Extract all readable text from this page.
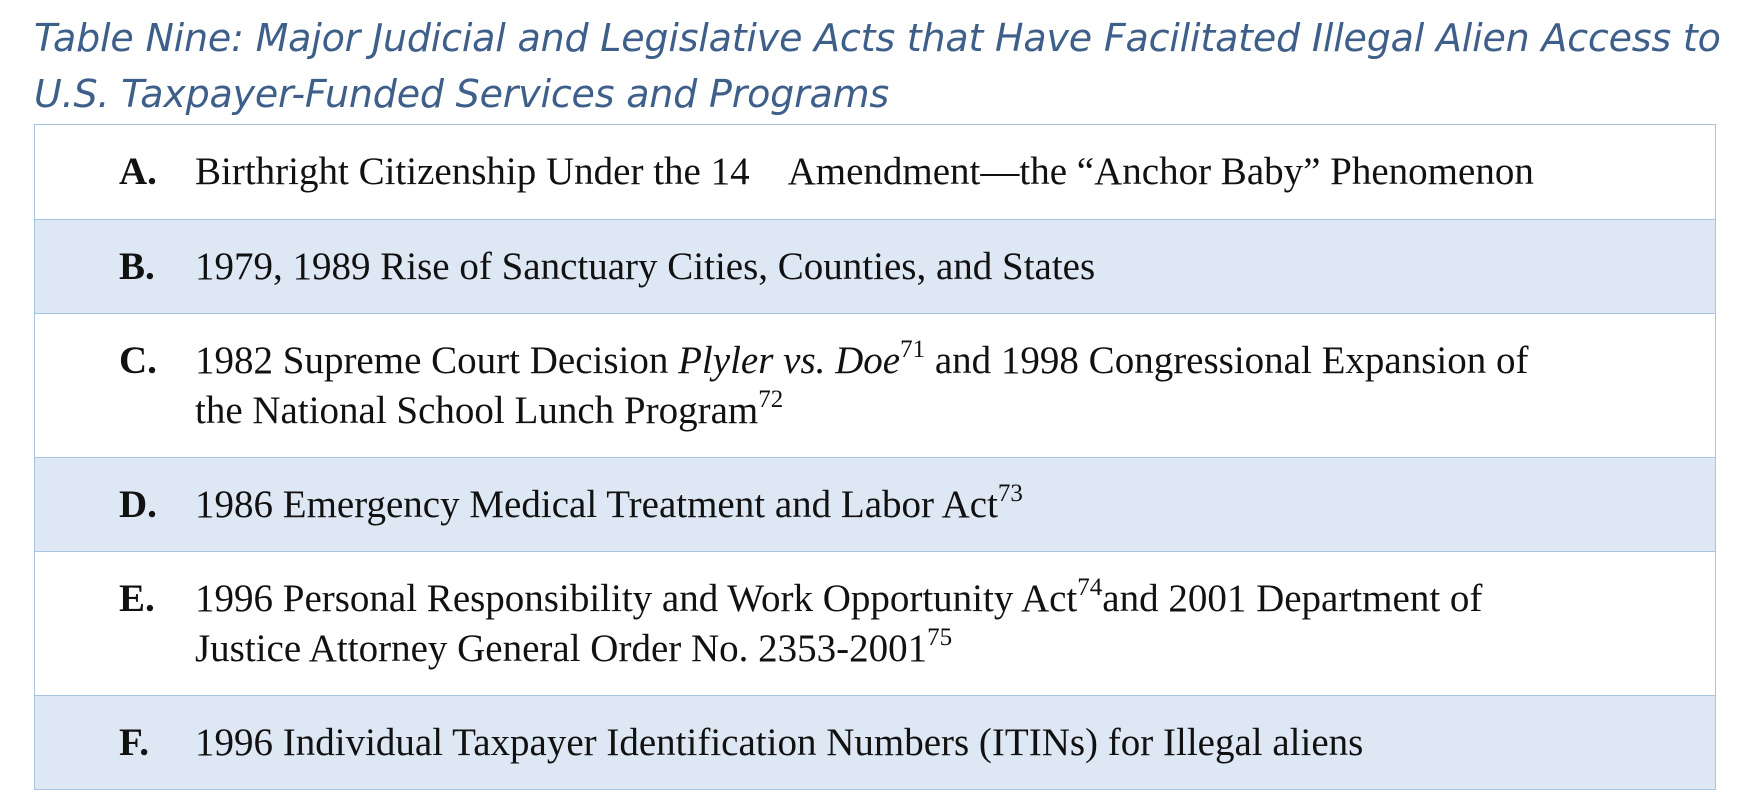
Table Nine: Major Judicial and Legislative Acts that Have Facilitated Illegal Alien Access to
U.S. Taxpayer-Funded Services and Programs
A. Birthright Citizenship Under the 14 Amendment—the “Anchor Baby” Phenomenon
B.	1979, 1989 Rise of Sanctuary Cities, Counties, and States
C. 1982 Supreme Court Decision Plyler vs. Doe$^{71}$ and 1998 Congressional Expansion of
the National School Lunch Program$^{72}$
D. 1986 Emergency Medical Treatment and Labor Act$^{73}$
E.	1996 Personal Responsibility and Work Opportunity Act$^{74}$and 2001 Department of
Justice Attorney General Order No. 2353-2001$^{75}$
F.	1996 Individual Taxpayer Identification Numbers (ITINs) for Illegal aliens
